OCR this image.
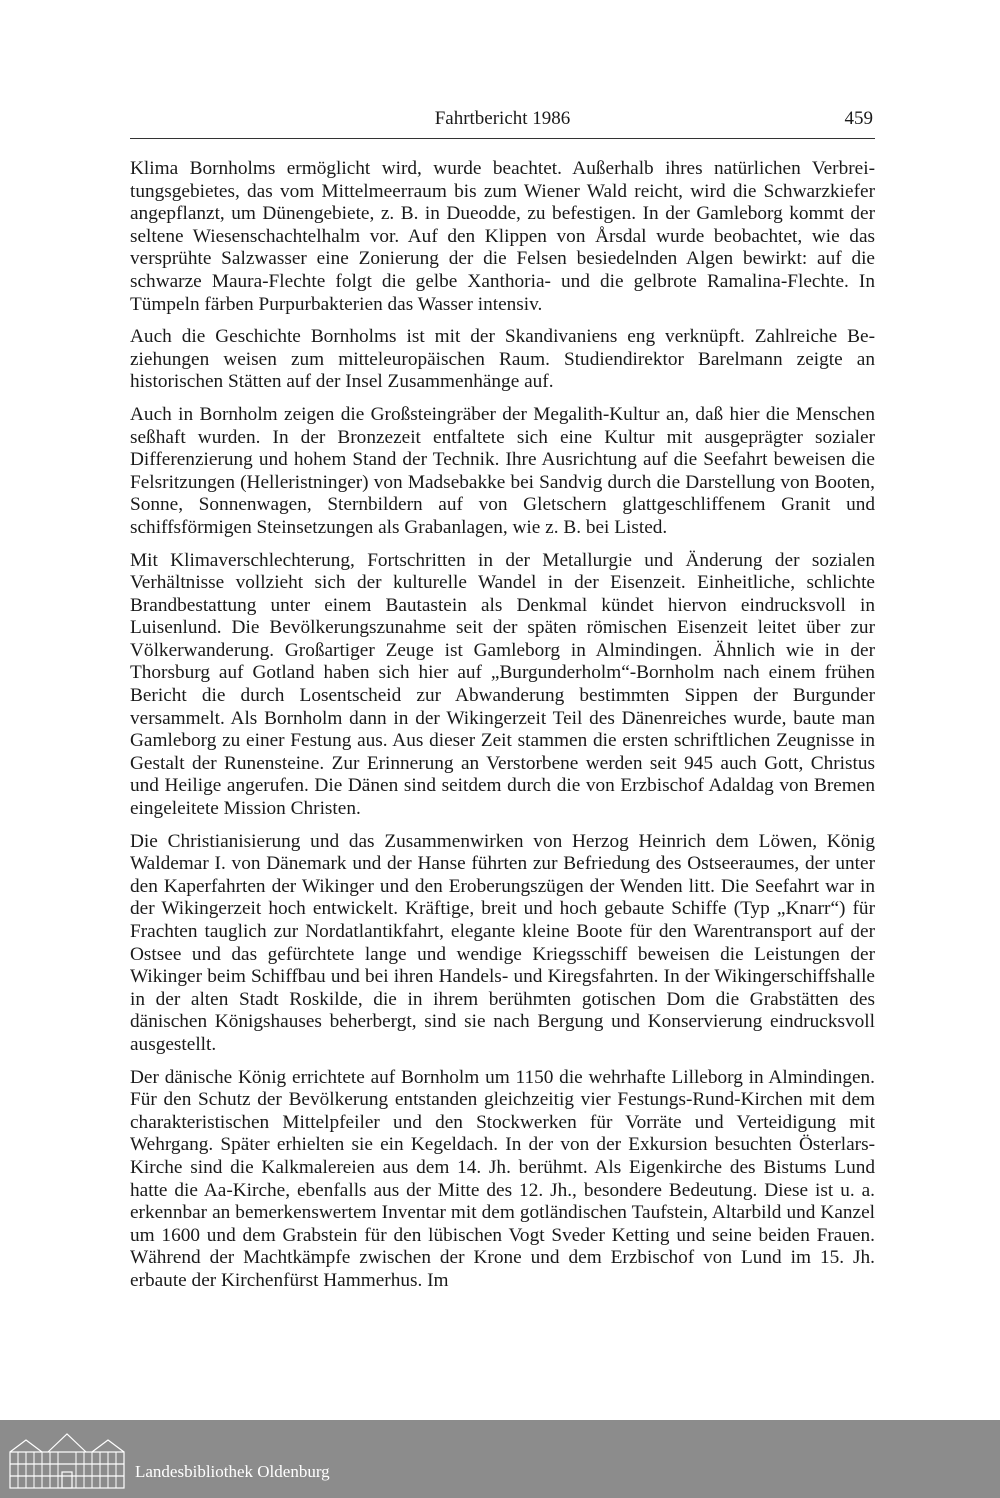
Fahrtbericht 1986	459

Klima Bornholms ermöglicht wird, wurde beachtet. Außerhalb ihres natürlichen Verbreitungsgebietes, das vom Mittelmeerraum bis zum Wiener Wald reicht, wird die Schwarzkiefer angepflanzt, um Dünengebiete, z. B. in Dueodde, zu befestigen. In der Gamleborg kommt der seltene Wiesenschachtelhalm vor. Auf den Klippen von Årsdal wurde beobachtet, wie das versprühte Salzwasser eine Zonierung der die Felsen besiedelnden Algen bewirkt: auf die schwarze Maura-Flechte folgt die gelbe Xanthoria- und die gelbrote Ramalina-Flechte. In Tümpeln färben Purpurbakterien das Wasser intensiv.

Auch die Geschichte Bornholms ist mit der Skandivaniens eng verknüpft. Zahlreiche Beziehungen weisen zum mitteleuropäischen Raum. Studiendirektor Barelmann zeigte an historischen Stätten auf der Insel Zusammenhänge auf.

Auch in Bornholm zeigen die Großsteingräber der Megalith-Kultur an, daß hier die Menschen seßhaft wurden. In der Bronzezeit entfaltete sich eine Kultur mit ausgeprägter sozialer Differenzierung und hohem Stand der Technik. Ihre Ausrichtung auf die Seefahrt beweisen die Felsritzungen (Helleristninger) von Madsebakke bei Sandvig durch die Darstellung von Booten, Sonne, Sonnenwagen, Sternbildern auf von Gletschern glattgeschliffenem Granit und schiffsförmigen Steinsetzungen als Grabanlagen, wie z. B. bei Listed.

Mit Klimaverschlechterung, Fortschritten in der Metallurgie und Änderung der sozialen Verhältnisse vollzieht sich der kulturelle Wandel in der Eisenzeit. Einheitliche, schlichte Brandbestattung unter einem Bautastein als Denkmal kündet hiervon eindrucksvoll in Luisenlund. Die Bevölkerungszunahme seit der späten römischen Eisenzeit leitet über zur Völkerwanderung. Großartiger Zeuge ist Gamleborg in Almindingen. Ähnlich wie in der Thorsburg auf Gotland haben sich hier auf „Burgunderholm“-Bornholm nach einem frühen Bericht die durch Losentscheid zur Abwanderung bestimmten Sippen der Burgunder versammelt. Als Bornholm dann in der Wikingerzeit Teil des Dänenreiches wurde, baute man Gamleborg zu einer Festung aus. Aus dieser Zeit stammen die ersten schriftlichen Zeugnisse in Gestalt der Runensteine. Zur Erinnerung an Verstorbene werden seit 945 auch Gott, Christus und Heilige angerufen. Die Dänen sind seitdem durch die von Erzbischof Adaldag von Bremen eingeleitete Mission Christen.

Die Christianisierung und das Zusammenwirken von Herzog Heinrich dem Löwen, König Waldemar I. von Dänemark und der Hanse führten zur Befriedung des Ostseeraumes, der unter den Kaperfahrten der Wikinger und den Eroberungszügen der Wenden litt. Die Seefahrt war in der Wikingerzeit hoch entwickelt. Kräftige, breit und hoch gebaute Schiffe (Typ „Knarr“) für Frachten tauglich zur Nordatlantikfahrt, elegante kleine Boote für den Warentransport auf der Ostsee und das gefürchtete lange und wendige Kriegsschiff beweisen die Leistungen der Wikinger beim Schiffbau und bei ihren Handels- und Kiregsfahrten. In der Wikingerschiffshalle in der alten Stadt Roskilde, die in ihrem berühmten gotischen Dom die Grabstätten des dänischen Königshauses beherbergt, sind sie nach Bergung und Konservierung eindrucksvoll ausgestellt.

Der dänische König errichtete auf Bornholm um 1150 die wehrhafte Lilleborg in Almindingen. Für den Schutz der Bevölkerung entstanden gleichzeitig vier Festungs-Rund-Kirchen mit dem charakteristischen Mittelpfeiler und den Stockwerken für Vorräte und Verteidigung mit Wehrgang. Später erhielten sie ein Kegeldach. In der von der Exkursion besuchten Österlars-Kirche sind die Kalkmalereien aus dem 14. Jh. berühmt. Als Eigenkirche des Bistums Lund hatte die Aa-Kirche, ebenfalls aus der Mitte des 12. Jh., besondere Bedeutung. Diese ist u. a. erkennbar an bemerkenswertem Inventar mit dem gotländischen Taufstein, Altarbild und Kanzel um 1600 und dem Grabstein für den lübischen Vogt Sveder Ketting und seine beiden Frauen. Während der Machtkämpfe zwischen der Krone und dem Erzbischof von Lund im 15. Jh. erbaute der Kirchenfürst Hammerhus. Im

Landesbibliothek Oldenburg
